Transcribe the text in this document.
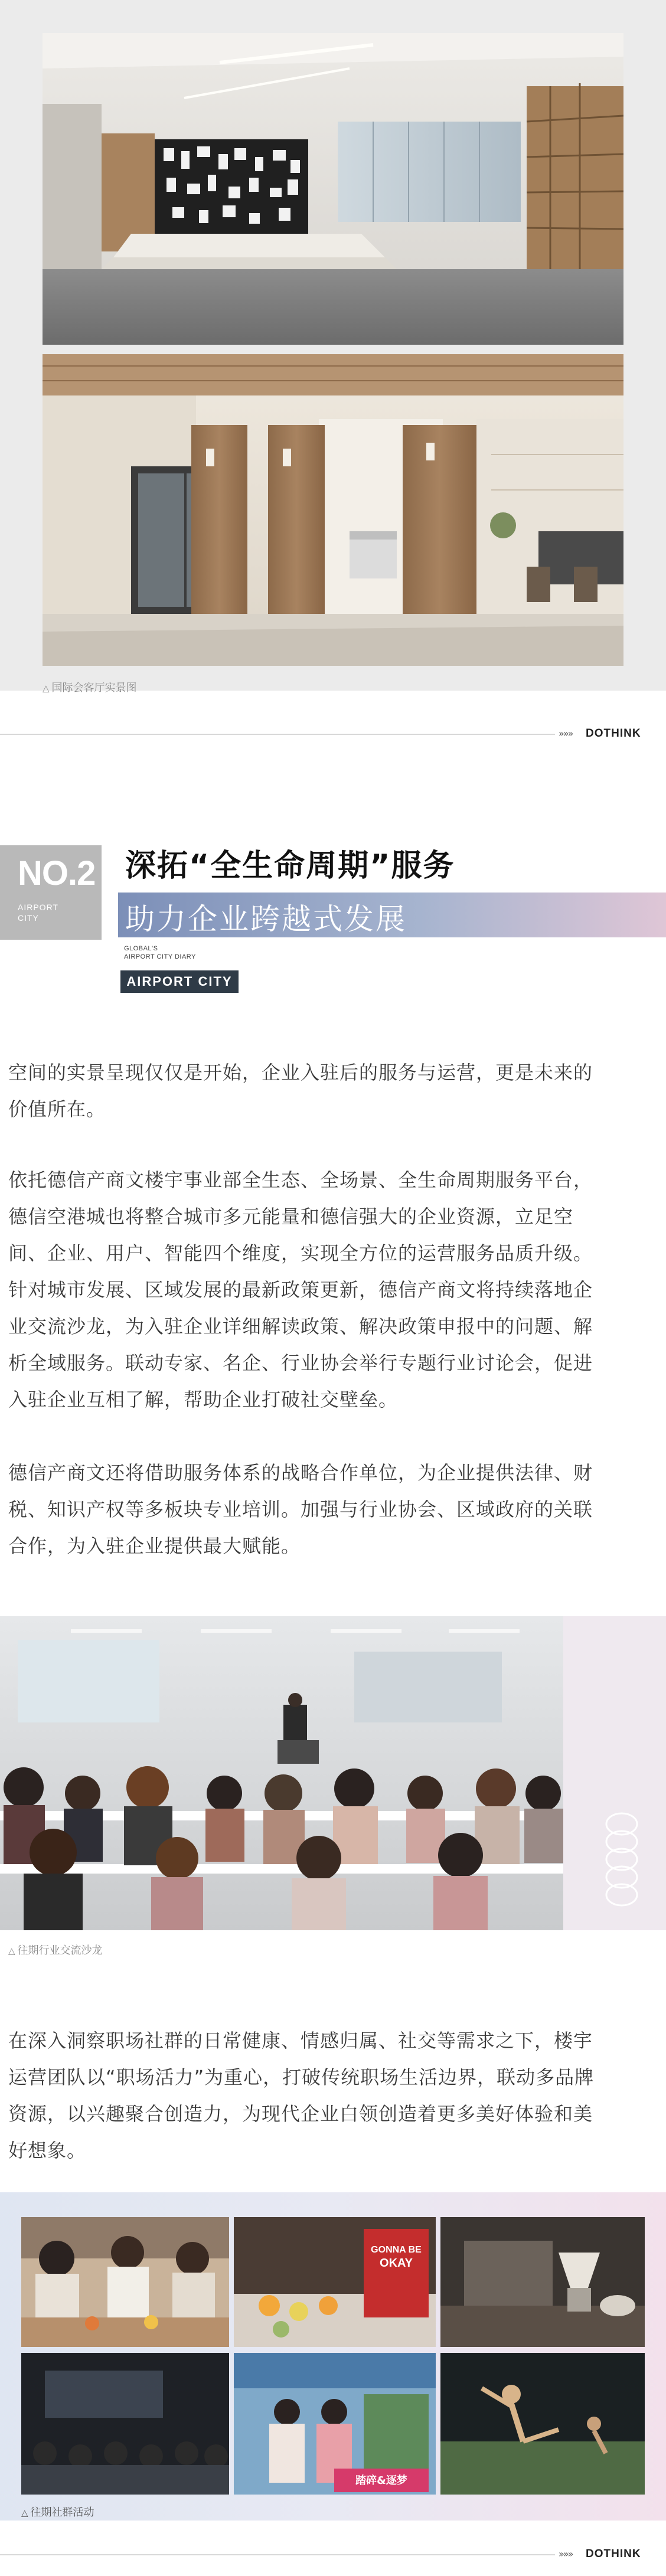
△ 国际会客厅实景图
»»» DOTHINK
NO.2
AIRPORT
CITY
深拓“全生命周期”服务
助力企业跨越式发展
GLOBAL'S
AIRPORT CITY DIARY
AIRPORT CITY
空间的实景呈现仅仅是开始，企业入驻后的服务与运营，更是未来的
价值所在。
依托德信产商文楼宇事业部全生态、全场景、全生命周期服务平台，
德信空港城也将整合城市多元能量和德信强大的企业资源，立足空
间、企业、用户、智能四个维度，实现全方位的运营服务品质升级。
针对城市发展、区域发展的最新政策更新，德信产商文将持续落地企
业交流沙龙，为入驻企业详细解读政策、解决政策申报中的问题、解
析全域服务。联动专家、名企、行业协会举行专题行业讨论会，促进
入驻企业互相了解，帮助企业打破社交壁垒。
德信产商文还将借助服务体系的战略合作单位，为企业提供法律、财
税、知识产权等多板块专业培训。加强与行业协会、区域政府的关联
合作，为入驻企业提供最大赋能。
△ 往期行业交流沙龙
在深入洞察职场社群的日常健康、情感归属、社交等需求之下，楼宇
运营团队以“职场活力”为重心，打破传统职场生活边界，联动多品牌
资源，以兴趣聚合创造力，为现代企业白领创造着更多美好体验和美
好想象。
GONNA BE
OKAY
踏碎&逐梦
△ 往期社群活动
»»» DOTHINK
